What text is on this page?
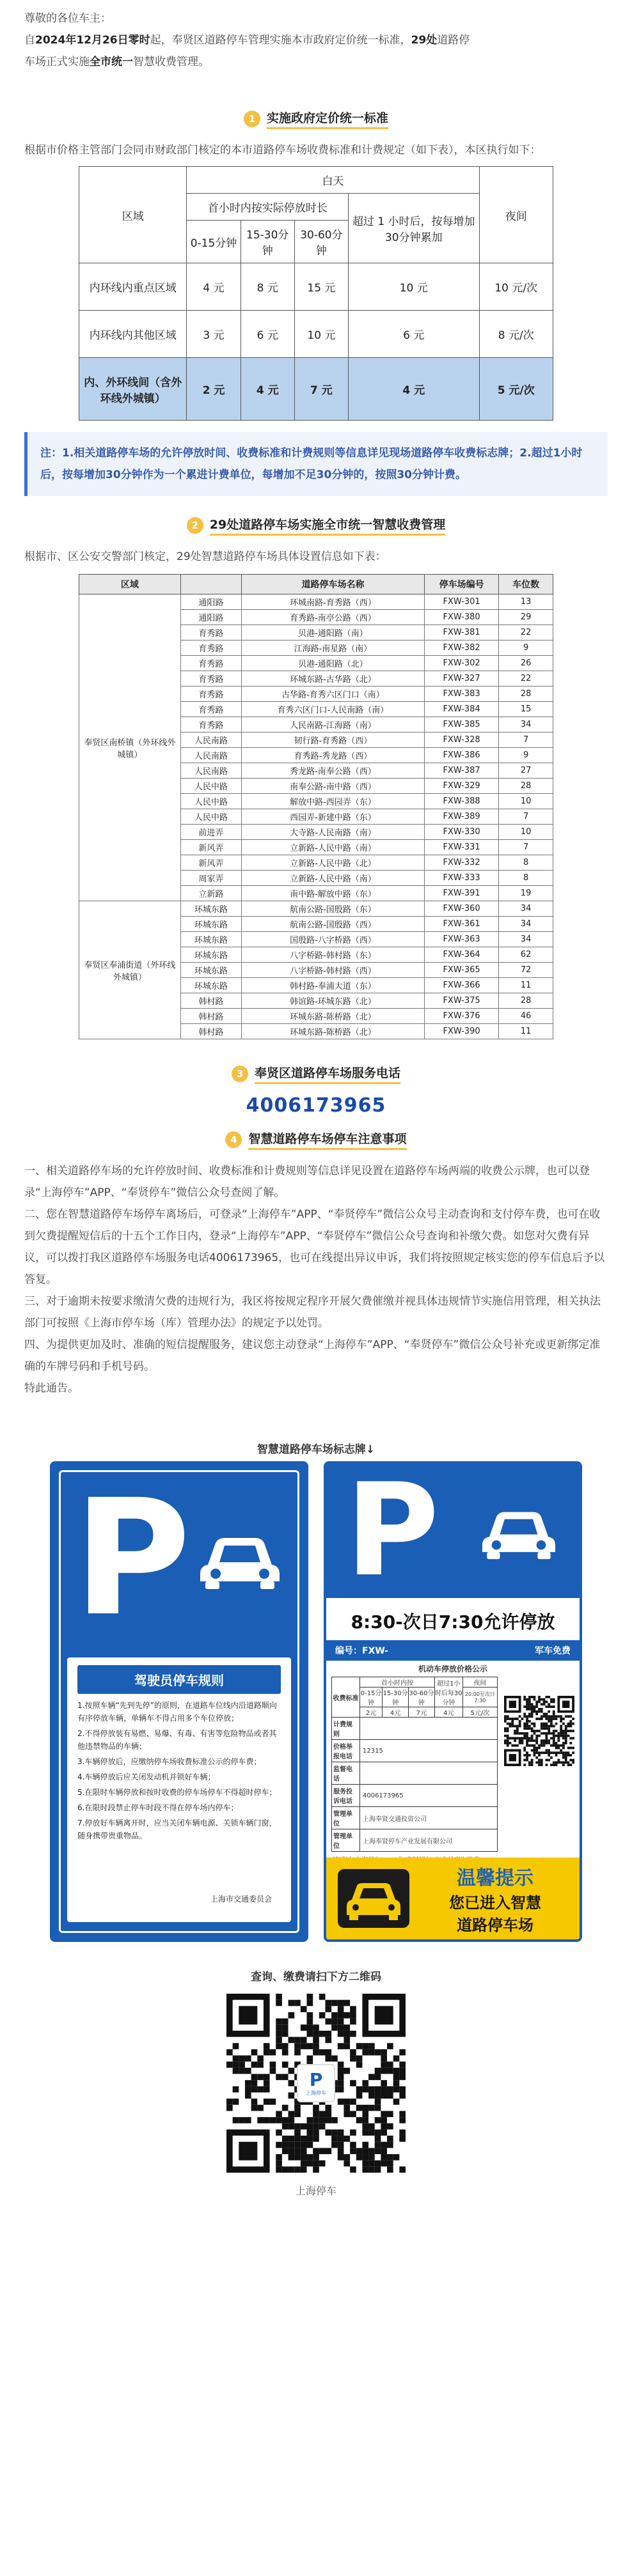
尊敬的各位车主：

自2024年12月26日零时起，奉贤区道路停车管理实施本市政府定价统一标准，29处道路停
车场正式实施全市统一智慧收费管理。

1 实施政府定价统一标准

根据市价格主管部门会同市财政部门核定的本市道路停车场收费标准和计费规定（如下表），本区执行如下：

区域	白天				夜间
	首小时内按实际停放时长			超过 1 小时后，按每增加30分钟累加	
	0-15分钟	15-30分钟	30-60分钟		
内环线内重点区域	4 元	8 元	15 元	10 元	10 元/次
内环线内其他区域	3 元	6 元	10 元	6 元	8 元/次
内、外环线间（含外环线外城镇）	2 元	4 元	7 元	4 元	5 元/次
注：1.相关道路停车场的允许停放时间、收费标准和计费规则等信息详见现场道路停车收费标志牌；2.超过1小时后，按每增加30分钟作为一个累进计费单位，每增加不足30分钟的，按照30分钟计费。
2 29处道路停车场实施全市统一智慧收费管理

根据市、区公安交警部门核定，29处智慧道路停车场具体设置信息如下表：

区域		道路停车场名称	停车场编号	车位数
奉贤区南桥镇（外环线外城镇）	通阳路	环城南路-育秀路（西）	FXW-301	13
	通阳路	育秀路-南亭公路（西）	FXW-380	29
	育秀路	贝港-通阳路（南）	FXW-381	22
	育秀路	江海路-南星路（南）	FXW-382	9
	育秀路	贝港-通阳路（北）	FXW-302	26
	育秀路	环城东路-古华路（北）	FXW-327	22
	育秀路	古华路-育秀六区门口（南）	FXW-383	28
	育秀路	育秀六区门口-人民南路（南）	FXW-384	15
	育秀路	人民南路-江海路（南）	FXW-385	34
	人民南路	韧行路-育秀路（西）	FXW-328	7
	人民南路	育秀路-秀龙路（西）	FXW-386	9
	人民南路	秀龙路-南奉公路（西）	FXW-387	27
	人民中路	南奉公路-南中路（西）	FXW-329	28
	人民中路	解放中路-西园弄（东）	FXW-388	10
	人民中路	西园弄-新建中路（东）	FXW-389	7
	前进弄	大寺路-人民南路（南）	FXW-330	10
	新风弄	立新路-人民中路（南）	FXW-331	7
	新风弄	立新路-人民中路（北）	FXW-332	8
	周家弄	立新路-人民中路（南）	FXW-333	8
	立新路	南中路-解放中路（东）	FXW-391	19
奉贤区奉浦街道（外环线外城镇）	环城东路	航南公路-国殷路（东）	FXW-360	34
	环城东路	航南公路-国殷路（西）	FXW-361	34
	环城东路	国殷路-八字桥路（西）	FXW-363	34
	环城东路	八字桥路-韩村路（东）	FXW-364	62
	环城东路	八字桥路-韩村路（西）	FXW-365	72
	环城东路	韩村路-奉浦大道（东）	FXW-366	11
	韩村路	韩谊路-环城东路（北）	FXW-375	28
	韩村路	环城东路-陈桥路（北）	FXW-376	46
	韩村路	环城东路-陈桥路（北）	FXW-390	11
3 奉贤区道路停车场服务电话
4006173965
4 智慧道路停车场停车注意事项

一、相关道路停车场的允许停放时间、收费标准和计费规则等信息详见设置在道路停车场两端的收费公示牌，也可以登录“上海停车”APP、“奉贤停车”微信公众号查阅了解。

二、您在智慧道路停车场停车离场后，可登录“上海停车”APP、“奉贤停车”微信公众号主动查询和支付停车费，也可在收到欠费提醒短信后的十五个工作日内，登录“上海停车”APP、“奉贤停车”微信公众号查询和补缴欠费。如您对欠费有异议，可以拨打我区道路停车场服务电话4006173965，也可在线提出异议申诉，我们将按照规定核实您的停车信息后予以答复。

三、对于逾期未按要求缴清欠费的违规行为，我区将按规定程序开展欠费催缴并视具体违规情节实施信用管理，相关执法部门可按照《上海市停车场（库）管理办法》的规定予以处罚。

四、为提供更加及时、准确的短信提醒服务，建议您主动登录“上海停车”APP、“奉贤停车”微信公众号补充或更新绑定准确的车牌号码和手机号码。

特此通告。

智慧道路停车场标志牌↓
P
驾驶员停车规则

1.按照车辆“先到先停”的原则，在道路车位线内沿道路顺向有序停放车辆，单辆车不得占用多个车位停放；

2.不得停放装有易燃、易爆、有毒、有害等危险物品或者其他违禁物品的车辆；

3.车辆停放后，应缴纳停车场收费标准公示的停车费；

4.车辆停放后应关闭发动机并锁好车辆；

5.在限时车辆停放和按时收费的停车场停车不得超时停车；

6.在限时段禁止停车时段不得在停车场内停车；

7.停放好车辆离开时，应当关闭车辆电源、关锁车辆门窗，随身携带贵重物品。

上海市交通委员会
P
8:30-次日7:30允许停放
编号：FXW-	军车免费
机动车停放价格公示
收费标准	首小时内按			超过1小时后每30分钟	夜间
	0-15分钟	15-30分钟	30-60分钟		20:00至次日7:30
	2元	4元	7元	4元	5元/次
计费规则					
价格举报电话	12315				
监督电话					
服务投诉电话	4006173965				
管理单位	上海奉贤交通投资公司				
管理单位	上海奉贤停车产业发展有限公司				
温馨提示
您已进入智慧
道路停车场
查询、缴费请扫下方二维码
P
上海停车
上海停车
